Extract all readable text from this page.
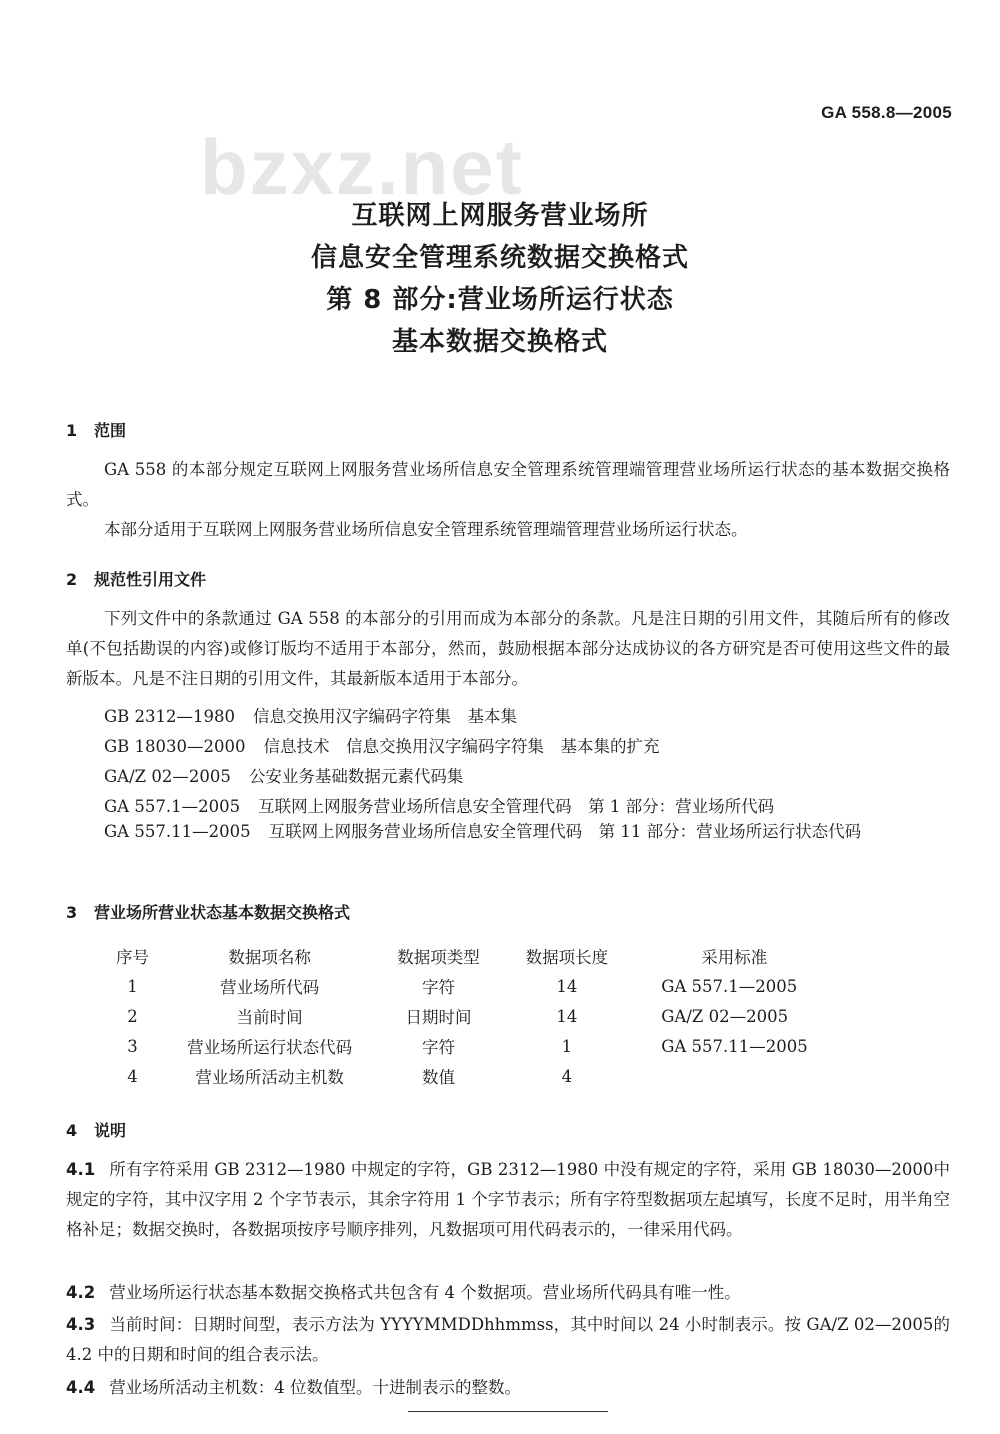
GA 558.8—2005
bzxz.net
互联网上网服务营业场所
信息安全管理系统数据交换格式
第 8 部分:营业场所运行状态
基本数据交换格式
1 范围

GA 558 的本部分规定互联网上网服务营业场所信息安全管理系统管理端管理营业场所运行状态的基本数据交换格式。

本部分适用于互联网上网服务营业场所信息安全管理系统管理端管理营业场所运行状态。

2 规范性引用文件

下列文件中的条款通过 GA 558 的本部分的引用而成为本部分的条款。凡是注日期的引用文件，其随后所有的修改单(不包括勘误的内容)或修订版均不适用于本部分，然而，鼓励根据本部分达成协议的各方研究是否可使用这些文件的最新版本。凡是不注日期的引用文件，其最新版本适用于本部分。

GB 2312—1980 信息交换用汉字编码字符集　基本集
GB 18030—2000 信息技术　信息交换用汉字编码字符集　基本集的扩充
GA/Z 02—2005 公安业务基础数据元素代码集
GA 557.1—2005 互联网上网服务营业场所信息安全管理代码　第 1 部分：营业场所代码
GA 557.11—2005 互联网上网服务营业场所信息安全管理代码　第 11 部分：营业场所运行状态代码
3 营业场所营业状态基本数据交换格式
序号	数据项名称	数据项类型	数据项长度	采用标准
1	营业场所代码	字符	14	GA 557.1—2005
2	当前时间	日期时间	14	GA/Z 02—2005
3	营业场所运行状态代码	字符	1	GA 557.11—2005
4	营业场所活动主机数	数值	4	
4 说明

4.1 所有字符采用 GB 2312—1980 中规定的字符，GB 2312—1980 中没有规定的字符，采用 GB 18030—2000中规定的字符，其中汉字用 2 个字节表示，其余字符用 1 个字节表示；所有字符型数据项左起填写，长度不足时，用半角空格补足；数据交换时，各数据项按序号顺序排列，凡数据项可用代码表示的，一律采用代码。

4.2 营业场所运行状态基本数据交换格式共包含有 4 个数据项。营业场所代码具有唯一性。

4.3 当前时间：日期时间型，表示方法为 YYYYMMDDhhmmss，其中时间以 24 小时制表示。按 GA/Z 02—2005的 4.2 中的日期和时间的组合表示法。

4.4 营业场所活动主机数：4 位数值型。十进制表示的整数。
